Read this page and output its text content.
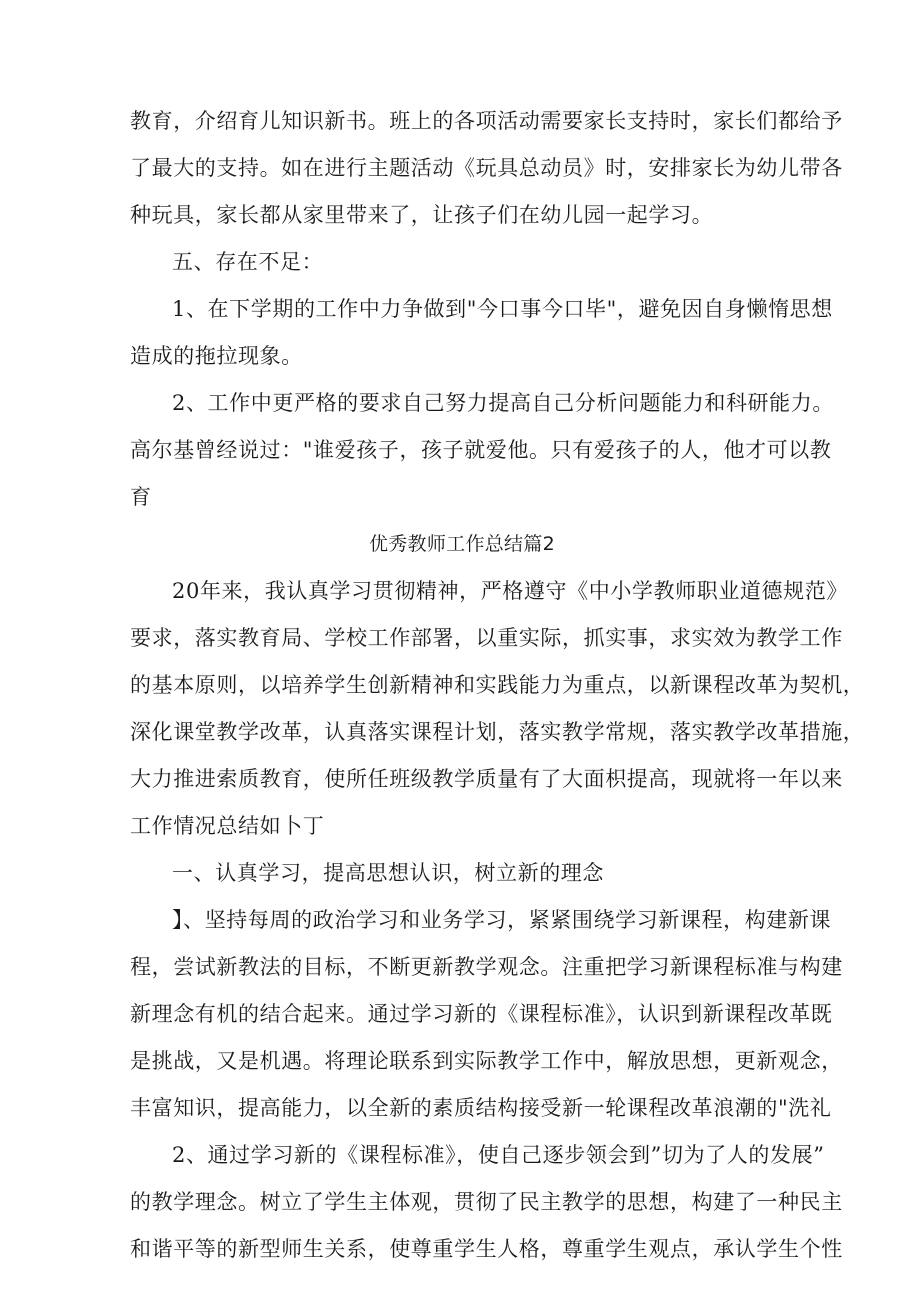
教育，介绍育儿知识新书。班上的各项活动需要家长支持时，家长们都给予
了最大的支持。如在进行主题活动《玩具总动员》时，安排家长为幼儿带各
种玩具，家长都从家里带来了，让孩子们在幼儿园一起学习。
五、存在不足：
1、在下学期的工作中力争做到"今口事今口毕"，避免因自身懒惰思想
造成的拖拉现象。
2、工作中更严格的要求自己努力提高自己分析问题能力和科研能力。
高尔基曾经说过："谁爱孩子，孩子就爱他。只有爱孩子的人，他才可以教
育
优秀教师工作总结篇2
20年来，我认真学习贯彻精神，严格遵守《中小学教师职业道德规范》
要求，落实教育局、学校工作部署，以重实际，抓实事，求实效为教学工作
的基本原则，以培养学生创新精神和实践能力为重点，以新课程改革为契机，
深化课堂教学改革，认真落实课程计划，落实教学常规，落实教学改革措施，
大力推进索质教育，使所任班级教学质量有了大面枳提高，现就将一年以来
工作情况总结如卜丁
一、认真学习，提高思想认识，树立新的理念
】、坚持每周的政治学习和业务学习，紧紧围绕学习新课程，构建新课
程，尝试新教法的目标，不断更新教学观念。注重把学习新课程标准与构建
新理念有机的结合起来。通过学习新的《课程标准》，认识到新课程改革既
是挑战，又是机遇。将理论联系到实际教学工作中，解放思想，更新观念，
丰富知识，提高能力，以全新的素质结构接受新一轮课程改革浪潮的"洗礼
2、通过学习新的《课程标准》，使自己逐步领会到”切为了人的发展”
的教学理念。树立了学生主体观，贯彻了民主教学的思想，构建了一种民主
和谐平等的新型师生关系，使尊重学生人格，尊重学生观点，承认学生个性
